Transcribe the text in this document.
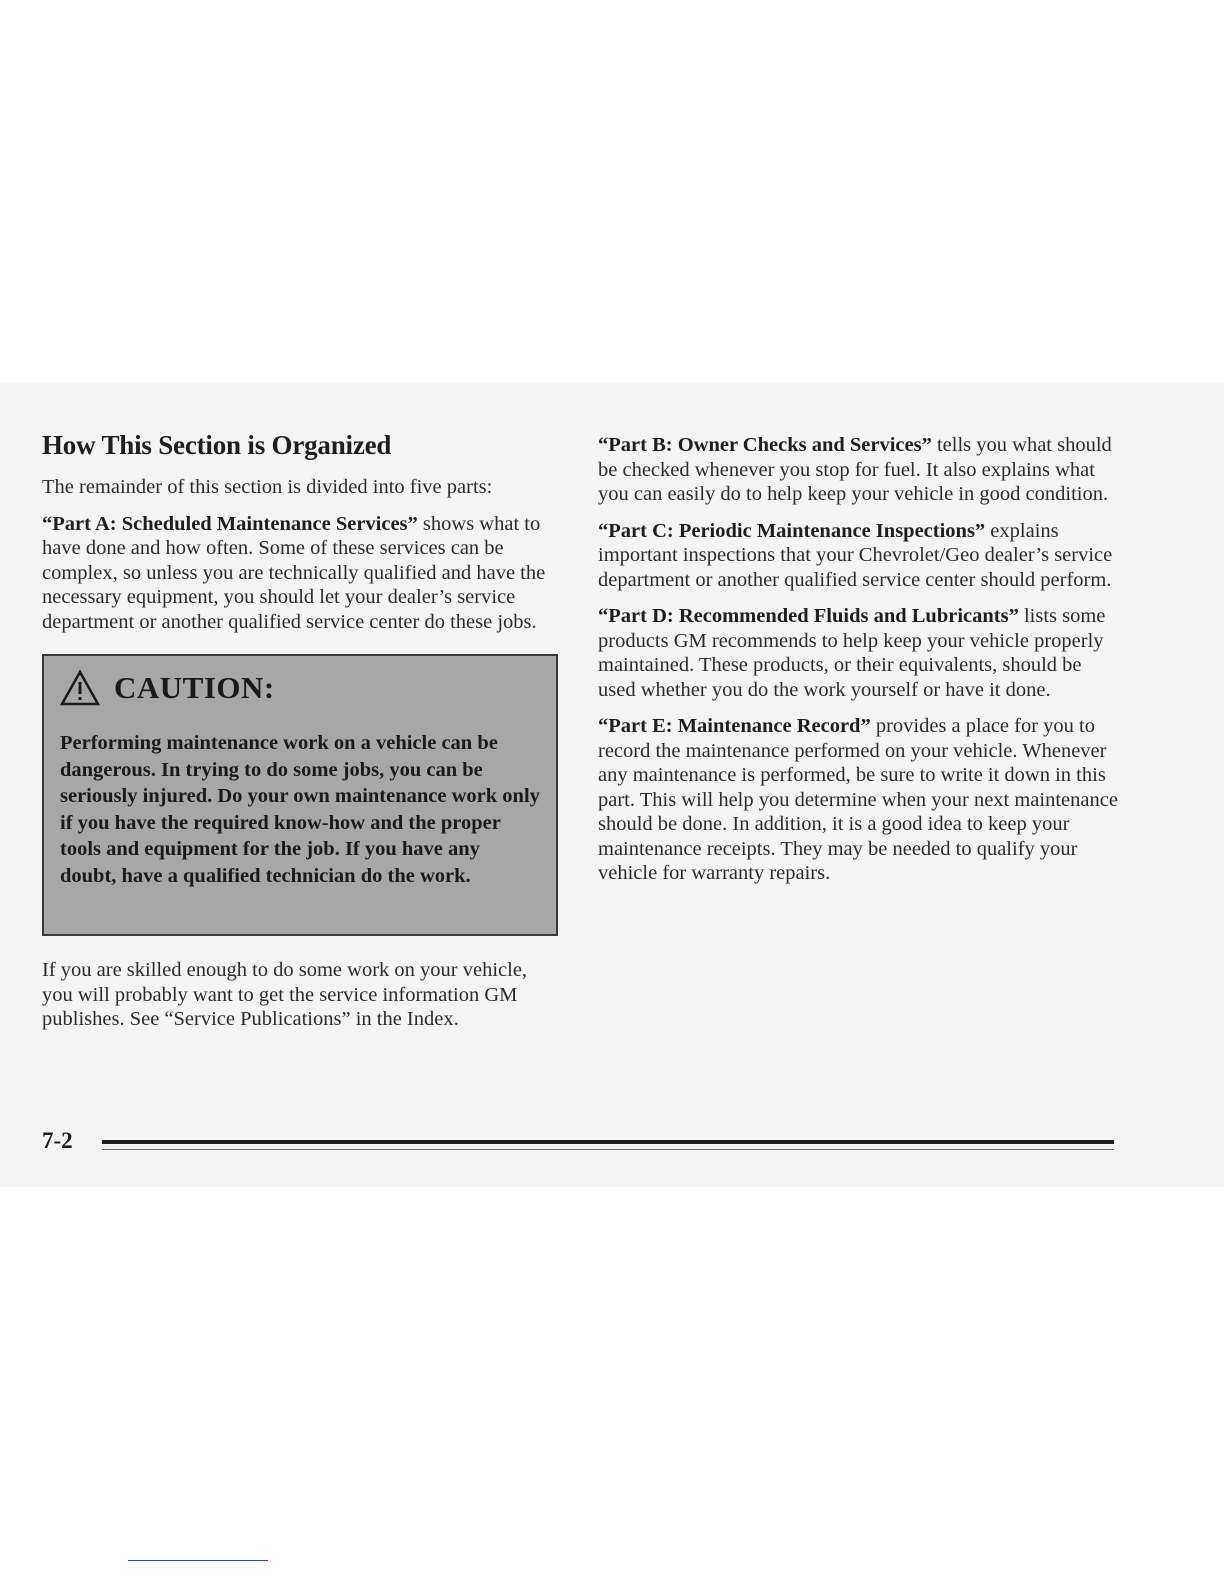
How This Section is Organized

The remainder of this section is divided into five parts:

“Part A: Scheduled Maintenance Services” shows what to have done and how often. Some of these services can be complex, so unless you are technically qualified and have the necessary equipment, you should let your dealer’s service department or another qualified service center do these jobs.

CAUTION:
Performing maintenance work on a vehicle can be dangerous. In trying to do some jobs, you can be seriously injured. Do your own maintenance work only if you have the required know-how and the proper tools and equipment for the job. If you have any doubt, have a qualified technician do the work.

If you are skilled enough to do some work on your vehicle, you will probably want to get the service information GM publishes. See “Service Publications” in the Index.

“Part B: Owner Checks and Services” tells you what should be checked whenever you stop for fuel. It also explains what you can easily do to help keep your vehicle in good condition.

“Part C: Periodic Maintenance Inspections” explains important inspections that your Chevrolet/Geo dealer’s service department or another qualified service center should perform.

“Part D: Recommended Fluids and Lubricants” lists some products GM recommends to help keep your vehicle properly maintained. These products, or their equivalents, should be used whether you do the work yourself or have it done.

“Part E: Maintenance Record” provides a place for you to record the maintenance performed on your vehicle. Whenever any maintenance is performed, be sure to write it down in this part. This will help you determine when your next maintenance should be done. In addition, it is a good idea to keep your maintenance receipts. They may be needed to qualify your vehicle for warranty repairs.

7-2
